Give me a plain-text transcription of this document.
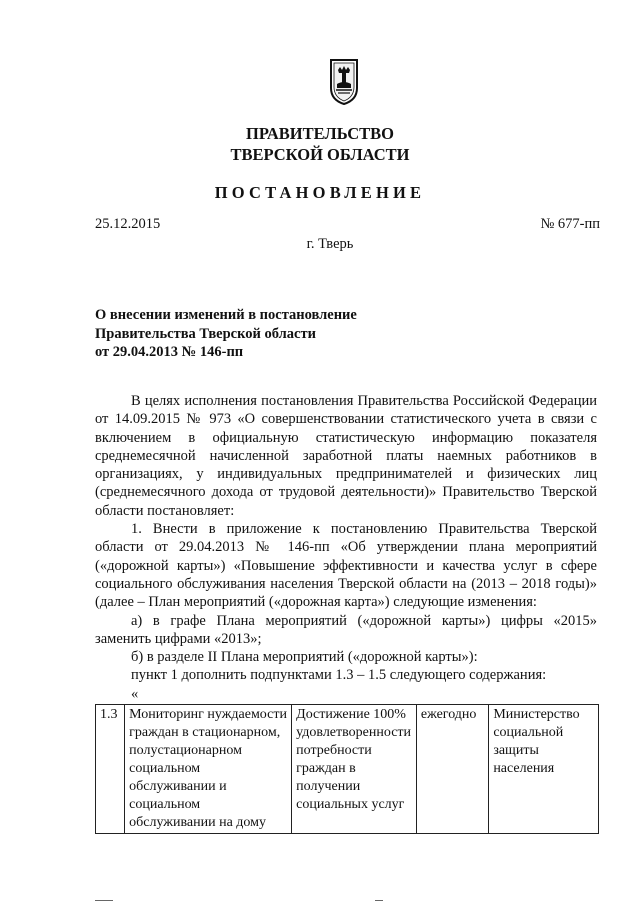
ПРАВИТЕЛЬСТВО
ТВЕРСКОЙ ОБЛАСТИ
ПОСТАНОВЛЕНИЕ
25.12.2015	№ 677-пп
г. Тверь
О внесении изменений в постановление
Правительства Тверской области
от 29.04.2013 № 146-пп

В целях исполнения постановления Правительства Российской Федерации от 14.09.2015 № 973 «О совершенствовании статистического учета в связи с включением в официальную статистическую информацию показателя среднемесячной начисленной заработной платы наемных работников в организациях, у индивидуальных предпринимателей и физических лиц (среднемесячного дохода от трудовой деятельности)» Правительство Тверской области постановляет:

1. Внести в приложение к постановлению Правительства Тверской области от 29.04.2013 № 146-пп «Об утверждении плана мероприятий («дорожной карты») «Повышение эффективности и качества услуг в сфере социального обслуживания населения Тверской области на (2013 – 2018 годы)» (далее – План мероприятий («дорожная карта») следующие изменения:

а) в графе Плана мероприятий («дорожной карты») цифры «2015» заменить цифрами «2013»;

б) в разделе II Плана мероприятий («дорожной карты»):

пункт 1 дополнить подпунктами 1.3 – 1.5 следующего содержания:

«
1.3	Мониторинг нуждаемости граждан в стационарном, полустационарном социальном обслуживании и социальном обслуживании на дому	Достижение 100% удовлетворенности потребности граждан в получении социальных услуг	ежегодно	Министерство социальной защиты населения
